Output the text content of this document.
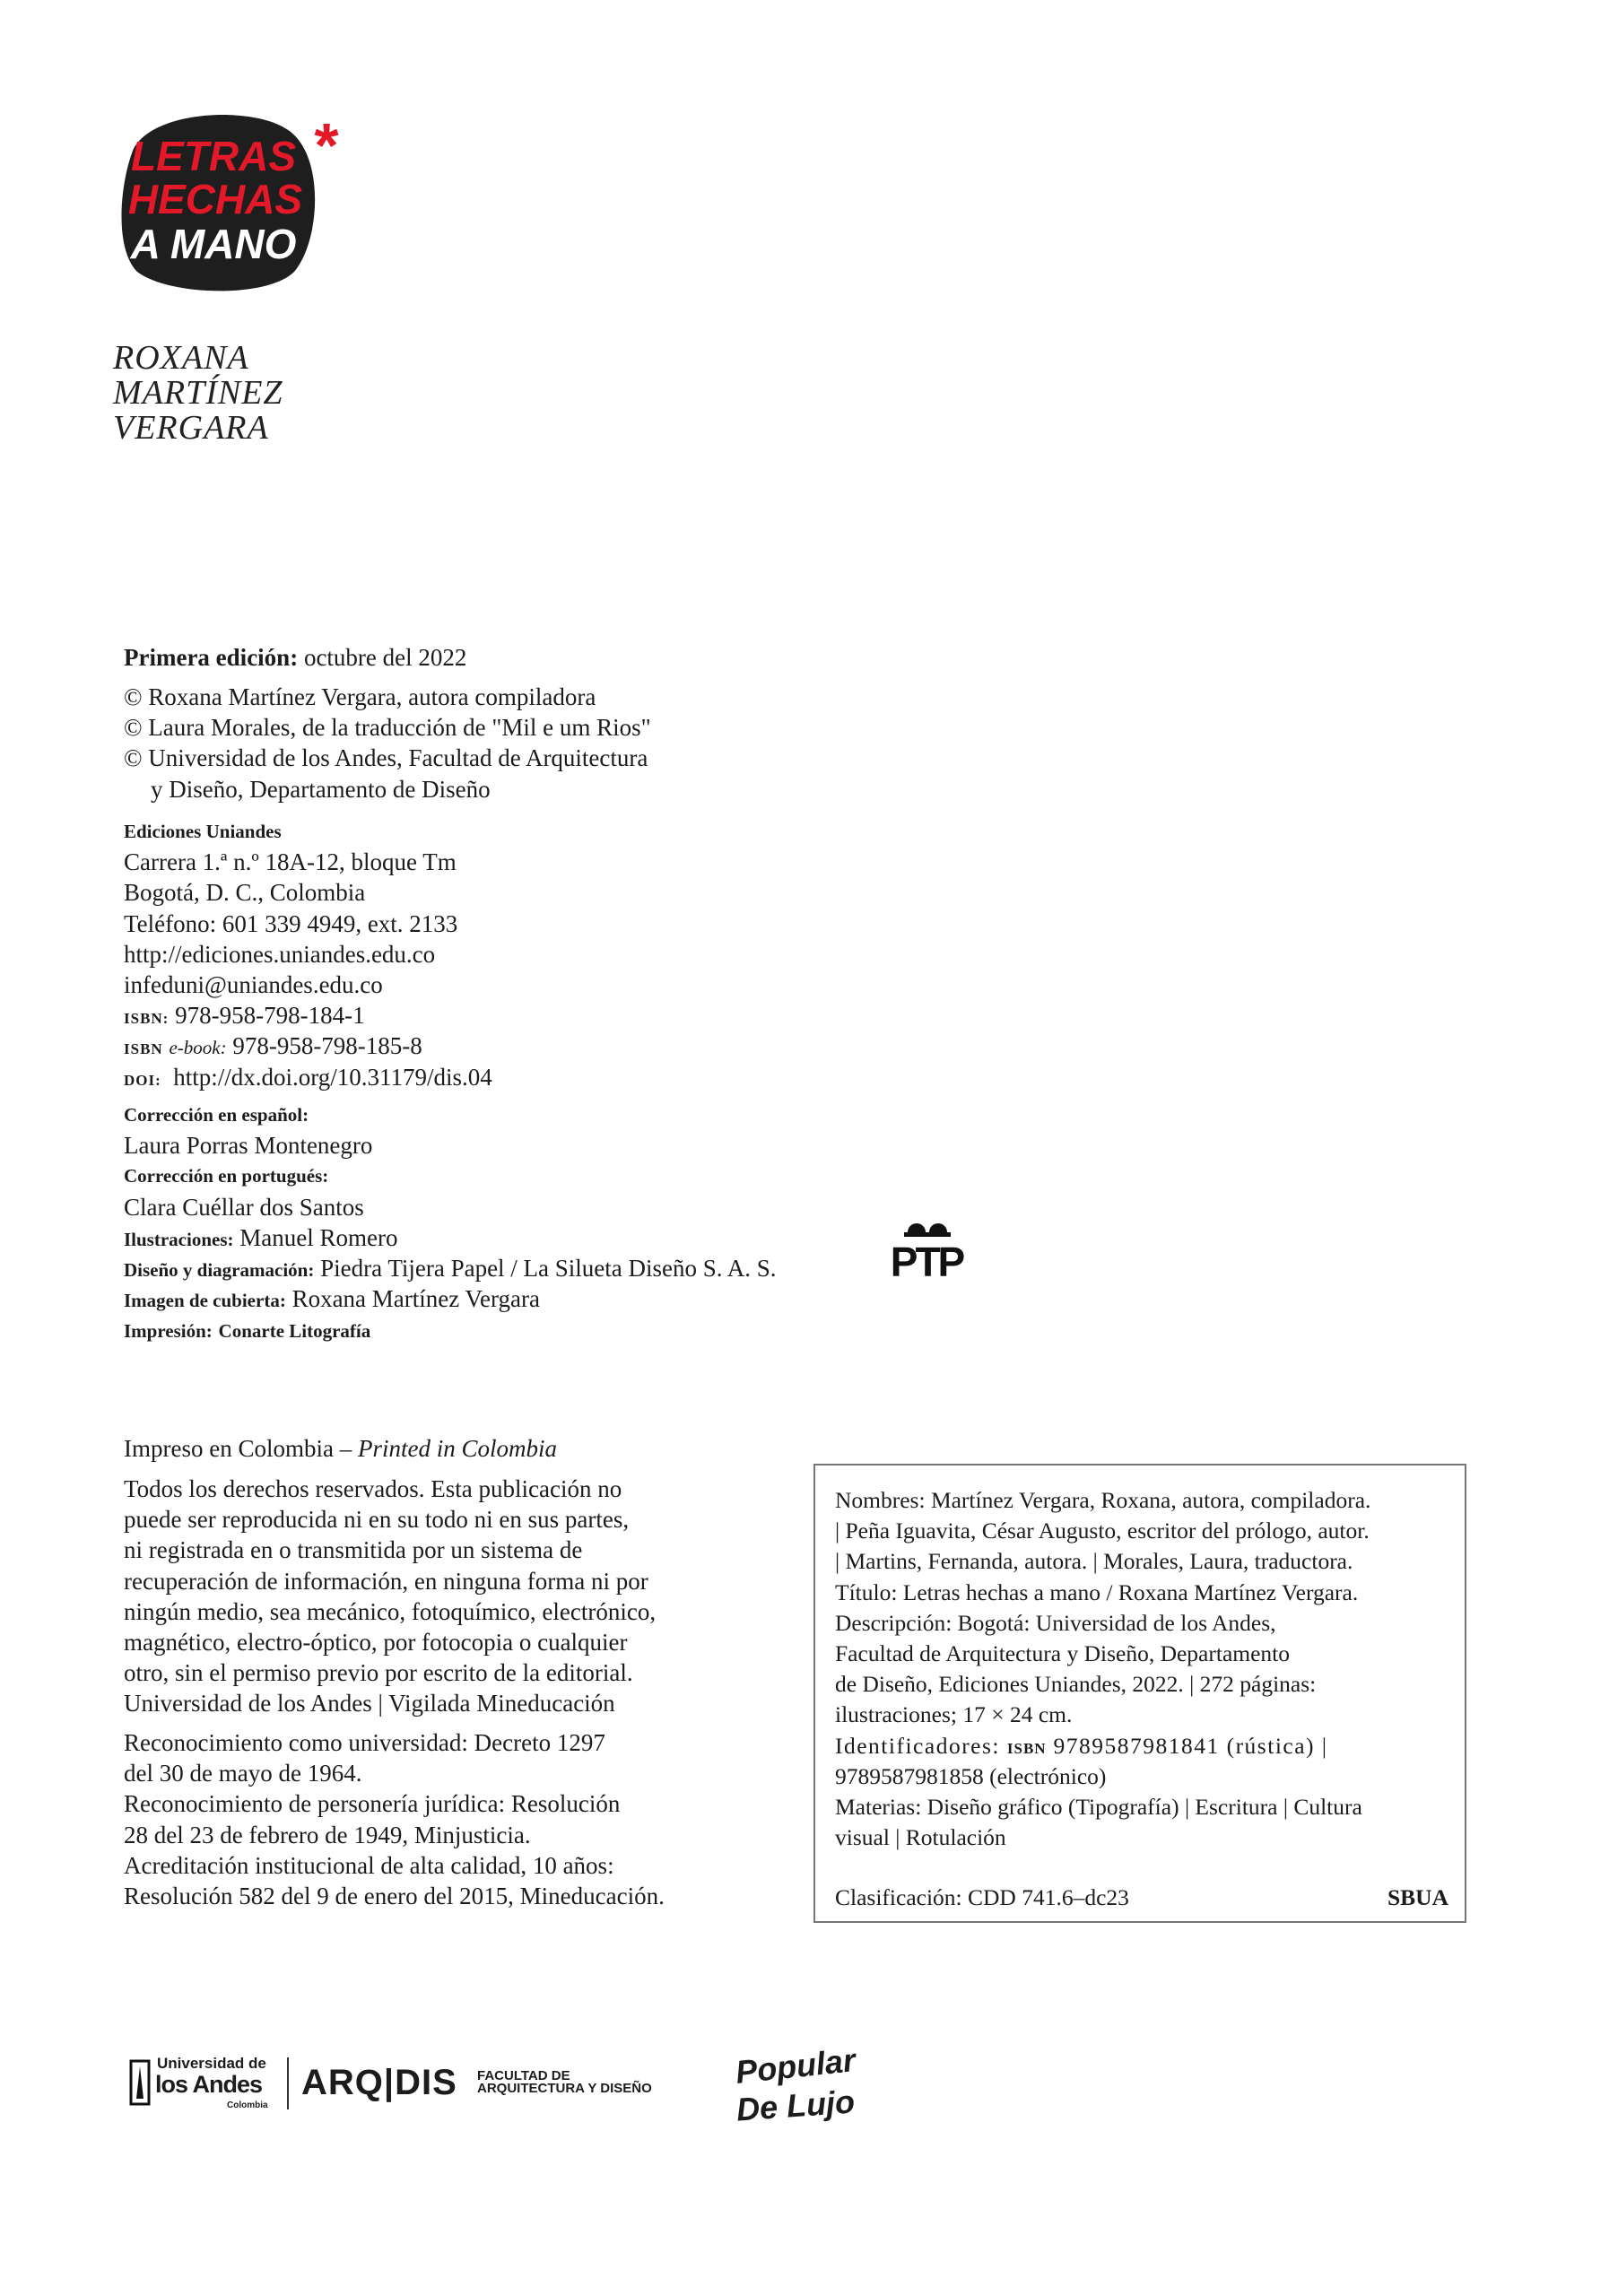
LETRAS
HECHAS
A MANO
*
ROXANA
MARTÍNEZ
VERGARA
Primera edición: octubre del 2022
© Roxana Martínez Vergara, autora compiladora
© Laura Morales, de la traducción de "Mil e um Rios"
© Universidad de los Andes, Facultad de Arquitectura
y Diseño, Departamento de Diseño
Ediciones Uniandes
Carrera 1.ª n.º 18A-12, bloque Tm
Bogotá, D. C., Colombia
Teléfono: 601 339 4949, ext. 2133
http://ediciones.uniandes.edu.co
infeduni@uniandes.edu.co
ISBN: 978-958-798-184-1
ISBN e-book: 978-958-798-185-8
DOI: http://dx.doi.org/10.31179/dis.04
Corrección en español:
Laura Porras Montenegro
Corrección en portugués:
Clara Cuéllar dos Santos
Ilustraciones: Manuel Romero
Diseño y diagramación: Piedra Tijera Papel / La Silueta Diseño S. A. S.
Imagen de cubierta: Roxana Martínez Vergara
Impresión: Conarte Litografía
PTP
Impreso en Colombia – Printed in Colombia
Todos los derechos reservados. Esta publicación no
puede ser reproducida ni en su todo ni en sus partes,
ni registrada en o transmitida por un sistema de
recuperación de información, en ninguna forma ni por
ningún medio, sea mecánico, fotoquímico, electrónico,
magnético, electro-óptico, por fotocopia o cualquier
otro, sin el permiso previo por escrito de la editorial.
Universidad de los Andes | Vigilada Mineducación
Reconocimiento como universidad: Decreto 1297
del 30 de mayo de 1964.
Reconocimiento de personería jurídica: Resolución
28 del 23 de febrero de 1949, Minjusticia.
Acreditación institucional de alta calidad, 10 años:
Resolución 582 del 9 de enero del 2015, Mineducación.
Nombres: Martínez Vergara, Roxana, autora, compiladora.
| Peña Iguavita, César Augusto, escritor del prólogo, autor.
| Martins, Fernanda, autora. | Morales, Laura, traductora.
Título: Letras hechas a mano / Roxana Martínez Vergara.
Descripción: Bogotá: Universidad de los Andes,
Facultad de Arquitectura y Diseño, Departamento
de Diseño, Ediciones Uniandes, 2022. | 272 páginas:
ilustraciones; 17 × 24 cm.
Identificadores: ISBN 9789587981841 (rústica) |
9789587981858 (electrónico)
Materias: Diseño gráfico (Tipografía) | Escritura | Cultura
visual | Rotulación
Clasificación: CDD 741.6–dc23	SBUA
Universidad de
los Andes
Colombia
ARQ|DIS FACULTAD DE
ARQUITECTURA Y DISEÑO	Popular
De Lujo
